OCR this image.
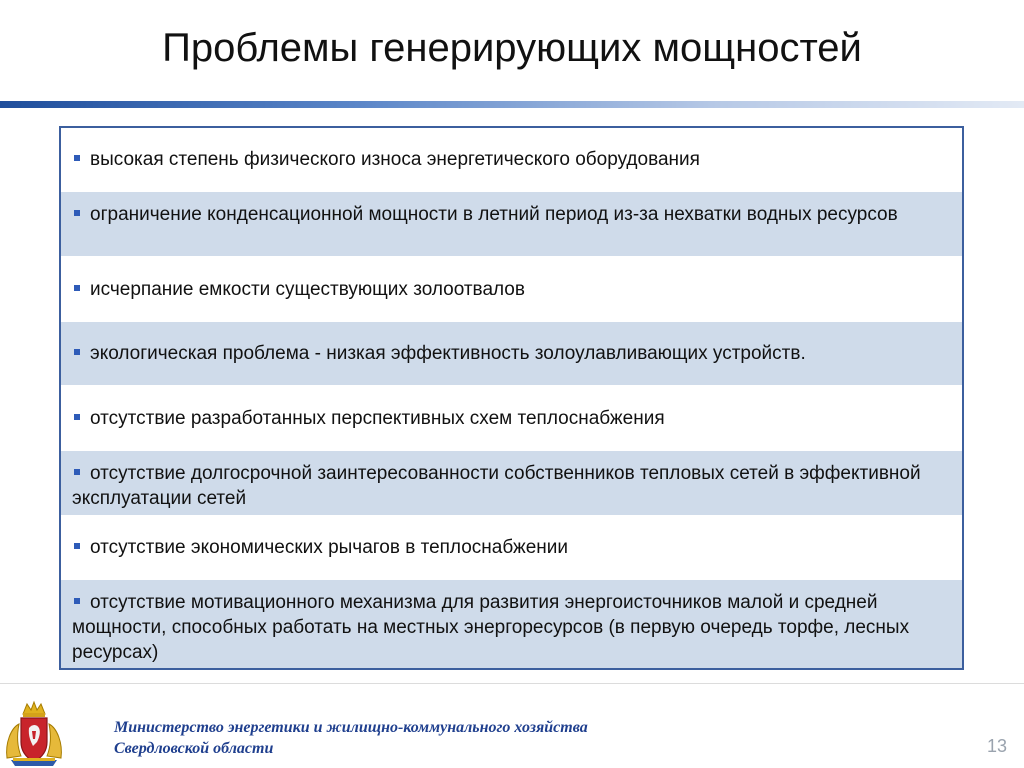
Проблемы генерирующих мощностей
высокая степень физического износа энергетического оборудования
ограничение конденсационной мощности в летний период из-за нехватки водных ресурсов
исчерпание емкости существующих золоотвалов
экологическая проблема - низкая эффективность золоулавливающих устройств.
отсутствие разработанных перспективных схем теплоснабжения
отсутствие долгосрочной заинтересованности собственников тепловых сетей в эффективной эксплуатации сетей
отсутствие экономических рычагов в теплоснабжении
отсутствие мотивационного механизма для развития энергоисточников малой и средней мощности, способных работать на местных энергоресурсов (в первую очередь торфе, лесных ресурсах)
Министерство энергетики и жилищно-коммунального хозяйства
Свердловской области	13
